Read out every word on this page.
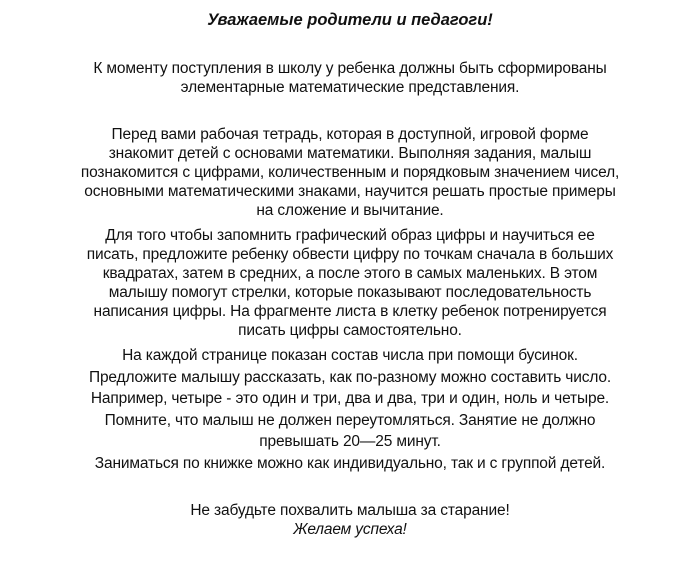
Уважаемые родители и педагоги!
К моменту поступления в школу у ребенка должны быть сформированы
элементарные математические представления.
Перед вами рабочая тетрадь, которая в доступной, игровой форме
знакомит детей с основами математики. Выполняя задания, малыш
познакомится с цифрами, количественным и порядковым значением чисел,
основными математическими знаками, научится решать простые примеры
на сложение и вычитание.
Для того чтобы запомнить графический образ цифры и научиться ее
писать, предложите ребенку обвести цифру по точкам сначала в больших
квадратах, затем в средних, а после этого в самых маленьких. В этом
малышу помогут стрелки, которые показывают последовательность
написания цифры. На фрагменте листа в клетку ребенок потренируется
писать цифры самостоятельно.
На каждой странице показан состав числа при помощи бусинок.
Предложите малышу рассказать, как по-разному можно составить число.
Например, четыре - это один и три, два и два, три и один, ноль и четыре.
Помните, что малыш не должен переутомляться. Занятие не должно
превышать 20—25 минут.
Заниматься по книжке можно как индивидуально, так и с группой детей.
Не забудьте похвалить малыша за старание!
Желаем успеха!
